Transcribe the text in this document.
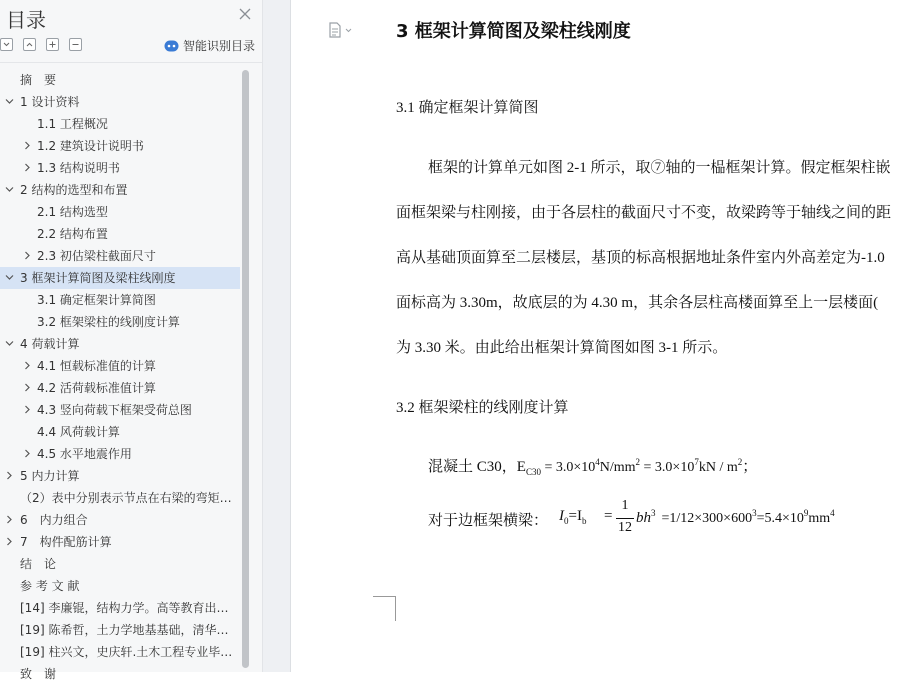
目录
智能识别目录
摘　要
1 设计资料
1.1 工程概况
1.2 建筑设计说明书
1.3 结构说明书
2 结构的选型和布置
2.1 结构选型
2.2 结构布置
2.3 初估梁柱截面尺寸
3 框架计算简图及梁柱线刚度
3.1 确定框架计算简图
3.2 框架梁柱的线刚度计算
4 荷载计算
4.1 恒载标准值的计算
4.2 活荷载标准值计算
4.3 竖向荷载下框架受荷总图
4.4 风荷载计算
4.5 水平地震作用
5 内力计算
（2）表中分别表示节点在右梁的弯矩…
6　内力组合
7　构件配筋计算
结　论
参 考 文 献
[14] 李廉锟，结构力学。高等教育出…
[19] 陈希哲，土力学地基基础，清华…
[19] 柱兴文，史庆轩.土木工程专业毕…
致　谢
3 框架计算简图及梁柱线刚度
3.1 确定框架计算简图
框架的计算单元如图 2-1 所示，取⑦轴的一榀框架计算。假定框架柱嵌
面框架梁与柱刚接，由于各层柱的截面尺寸不变，故梁跨等于轴线之间的距
高从基础顶面算至二层楼层，基顶的标高根据地址条件室内外高差定为-1.0
面标高为 3.30m，故底层的为 4.30 m，其余各层柱高楼面算至上一层楼面(
为 3.30 米。由此给出框架计算简图如图 3-1 所示。
3.2 框架梁柱的线刚度计算
混凝土 C30，$E_{C30} = 3.0\times 10^4N/mm^2 = 3.0\times 10^7kN / m^2$；
对于边框架横梁： $I_0=I_b$ =
1
12
$bh^3 =1/12\times 300\times 600^3=5.4\times 10^9mm^4$
